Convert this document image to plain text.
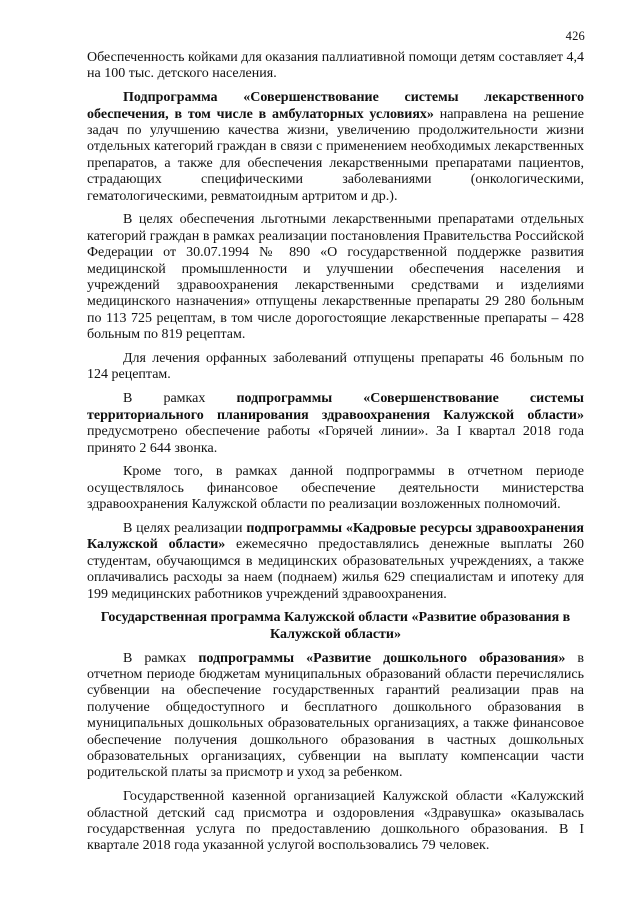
426

Обеспеченность койками для оказания паллиативной помощи детям составляет 4,4 на 100 тыс. детского населения.

Подпрограмма «Совершенствование системы лекарственного обеспечения, в том числе в амбулаторных условиях» направлена на решение задач по улучшению качества жизни, увеличению продолжительности жизни отдельных категорий граждан в связи с применением необходимых лекарственных препаратов, а также для обеспечения лекарственными препаратами пациентов, страдающих специфическими заболеваниями (онкологическими, гематологическими, ревматоидным артритом и др.).

В целях обеспечения льготными лекарственными препаратами отдельных категорий граждан в рамках реализации постановления Правительства Российской Федерации от 30.07.1994 № 890 «О государственной поддержке развития медицинской промышленности и улучшении обеспечения населения и учреждений здравоохранения лекарственными средствами и изделиями медицинского назначения» отпущены лекарственные препараты 29 280 больным по 113 725 рецептам, в том числе дорогостоящие лекарственные препараты – 428 больным по 819 рецептам.

Для лечения орфанных заболеваний отпущены препараты 46 больным по 124 рецептам.

В рамках подпрограммы «Совершенствование системы территориального планирования здравоохранения Калужской области» предусмотрено обеспечение работы «Горячей линии». За I квартал 2018 года принято 2 644 звонка.

Кроме того, в рамках данной подпрограммы в отчетном периоде осуществлялось финансовое обеспечение деятельности министерства здравоохранения Калужской области по реализации возложенных полномочий.

В целях реализации подпрограммы «Кадровые ресурсы здравоохранения Калужской области» ежемесячно предоставлялись денежные выплаты 260 студентам, обучающимся в медицинских образовательных учреждениях, а также оплачивались расходы за наем (поднаем) жилья 629 специалистам и ипотеку для 199 медицинских работников учреждений здравоохранения.

Государственная программа Калужской области «Развитие образования в Калужской области»

В рамках подпрограммы «Развитие дошкольного образования» в отчетном периоде бюджетам муниципальных образований области перечислялись субвенции на обеспечение государственных гарантий реализации прав на получение общедоступного и бесплатного дошкольного образования в муниципальных дошкольных образовательных организациях, а также финансовое обеспечение получения дошкольного образования в частных дошкольных образовательных организациях, субвенции на выплату компенсации части родительской платы за присмотр и уход за ребенком.

Государственной казенной организацией Калужской области «Калужский областной детский сад присмотра и оздоровления «Здравушка» оказывалась государственная услуга по предоставлению дошкольного образования. В I квартале 2018 года указанной услугой воспользовались 79 человек.
